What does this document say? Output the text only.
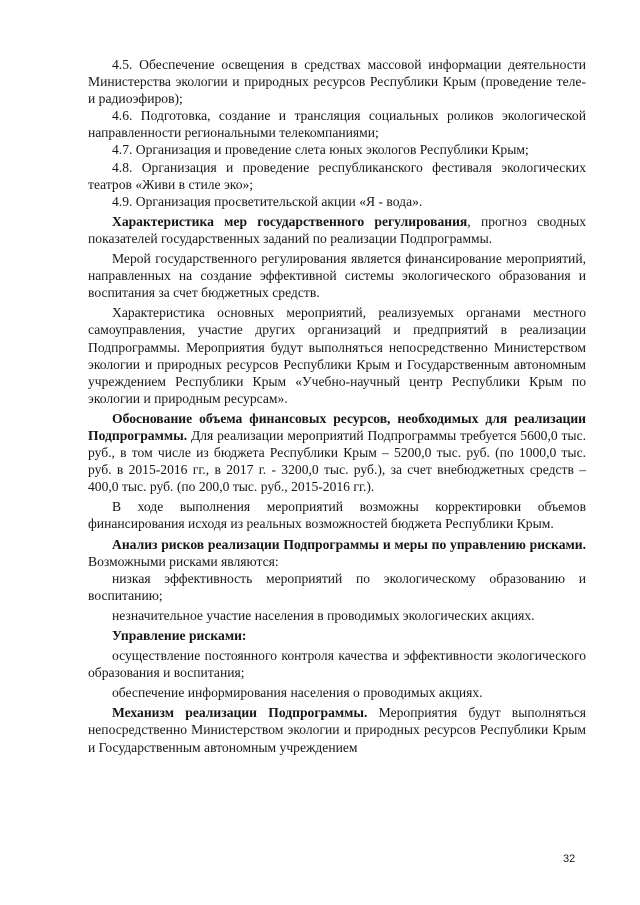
4.5. Обеспечение освещения в средствах массовой информации деятельности Министерства экологии и природных ресурсов Республики Крым (проведение теле- и радиоэфиров);

4.6. Подготовка, создание и трансляция социальных роликов экологической направленности региональными телекомпаниями;

4.7. Организация и проведение слета юных экологов Республики Крым;

4.8. Организация и проведение республиканского фестиваля экологических театров «Живи в стиле эко»;

4.9. Организация просветительской акции «Я - вода».

Характеристика мер государственного регулирования, прогноз сводных показателей государственных заданий по реализации Подпрограммы.

Мерой государственного регулирования является финансирование мероприятий, направленных на создание эффективной системы экологического образования и воспитания за счет бюджетных средств.

Характеристика основных мероприятий, реализуемых органами местного самоуправления, участие других организаций и предприятий в реализации Подпрограммы. Мероприятия будут выполняться непосредственно Министерством экологии и природных ресурсов Республики Крым и Государственным автономным учреждением Республики Крым «Учебно-научный центр Республики Крым по экологии и природным ресурсам».

Обоснование объема финансовых ресурсов, необходимых для реализации Подпрограммы. Для реализации мероприятий Подпрограммы требуется 5600,0 тыс. руб., в том числе из бюджета Республики Крым – 5200,0 тыс. руб. (по 1000,0 тыс. руб. в 2015-2016 гг., в 2017 г. - 3200,0 тыс. руб.), за счет внебюджетных средств – 400,0 тыс. руб. (по 200,0 тыс. руб., 2015-2016 гг.).

В ходе выполнения мероприятий возможны корректировки объемов финансирования исходя из реальных возможностей бюджета Республики Крым.

Анализ рисков реализации Подпрограммы и меры по управлению рисками. Возможными рисками являются:

низкая эффективность мероприятий по экологическому образованию и воспитанию;

незначительное участие населения в проводимых экологических акциях.

Управление рисками:

осуществление постоянного контроля качества и эффективности экологического образования и воспитания;

обеспечение информирования населения о проводимых акциях.

Механизм реализации Подпрограммы. Мероприятия будут выполняться непосредственно Министерством экологии и природных ресурсов Республики Крым и Государственным автономным учреждением

32
